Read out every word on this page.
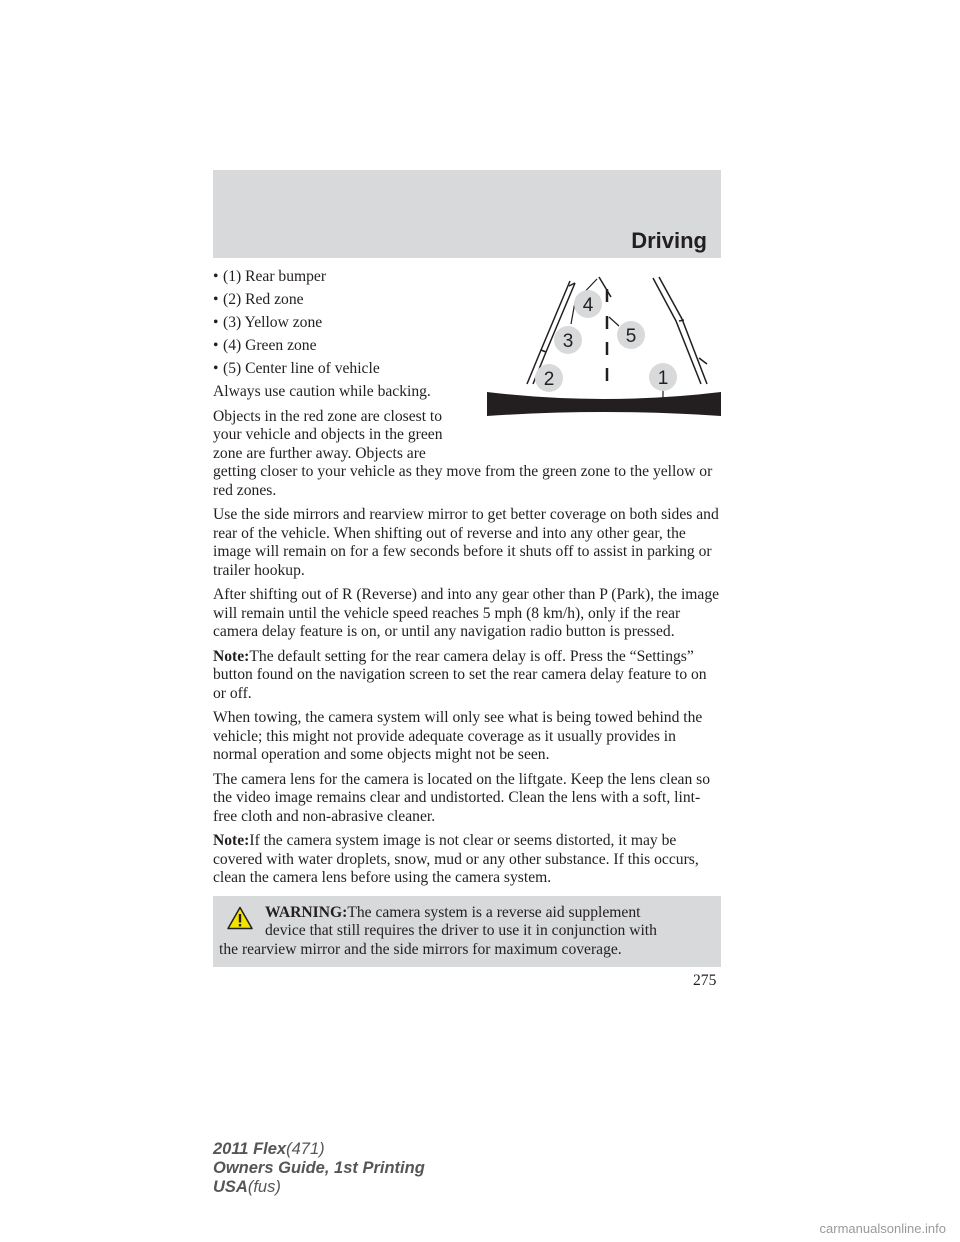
Driving
4
3	5
2	1
• (1) Rear bumper
• (2) Red zone
• (3) Yellow zone
• (4) Green zone
• (5) Center line of vehicle

Always use caution while backing.

Objects in the red zone are closest to your vehicle and objects in the green zone are further away. Objects are getting closer to your vehicle as they move from the green zone to the yellow or red zones.

Use the side mirrors and rearview mirror to get better coverage on both sides and rear of the vehicle. When shifting out of reverse and into any other gear, the image will remain on for a few seconds before it shuts off to assist in parking or trailer hookup.

After shifting out of R (Reverse) and into any gear other than P (Park), the image will remain until the vehicle speed reaches 5 mph (8 km/h), only if the rear camera delay feature is on, or until any navigation radio button is pressed.

Note:The default setting for the rear camera delay is off. Press the “Settings” button found on the navigation screen to set the rear camera delay feature to on or off.

When towing, the camera system will only see what is being towed behind the vehicle; this might not provide adequate coverage as it usually provides in normal operation and some objects might not be seen.

The camera lens for the camera is located on the liftgate. Keep the lens clean so the video image remains clear and undistorted. Clean the lens with a soft, lint-free cloth and non-abrasive cleaner.

Note:If the camera system image is not clear or seems distorted, it may be covered with water droplets, snow, mud or any other substance. If this occurs, clean the camera lens before using the camera system.

WARNING:The camera system is a reverse aid supplement
device that still requires the driver to use it in conjunction with
the rearview mirror and the side mirrors for maximum coverage.
275
2011 Flex(471)
Owners Guide, 1st Printing
USA(fus)
carmanualsonline.info
